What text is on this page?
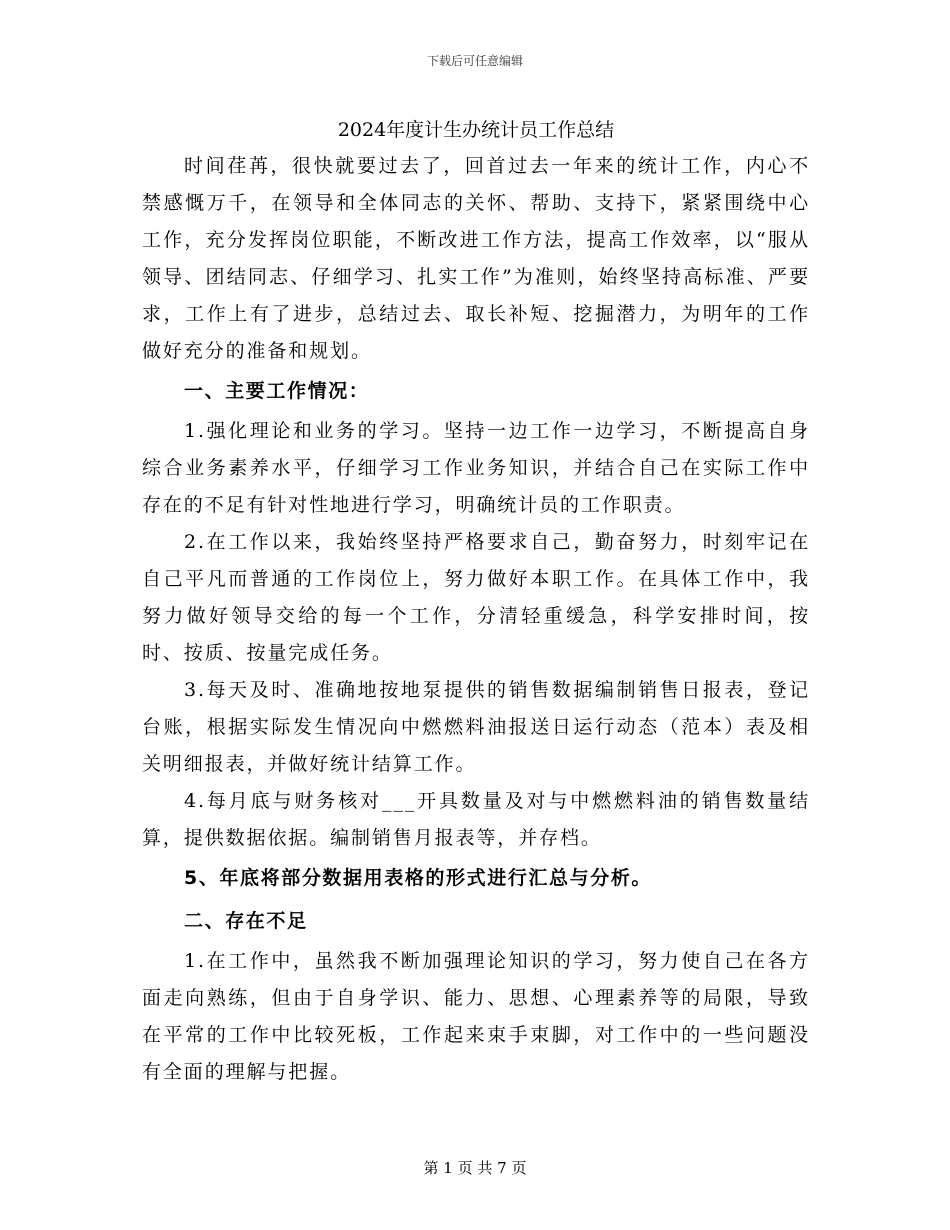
下载后可任意编辑

2024年度计生办统计员工作总结

时间荏苒，很快就要过去了，回首过去一年来的统计工作，内心不禁感慨万千，在领导和全体同志的关怀、帮助、支持下，紧紧围绕中心工作，充分发挥岗位职能，不断改进工作方法，提高工作效率，以“服从领导、团结同志、仔细学习、扎实工作”为准则，始终坚持高标准、严要求，工作上有了进步，总结过去、取长补短、挖掘潜力，为明年的工作做好充分的准备和规划。

一、主要工作情况：

1.强化理论和业务的学习。坚持一边工作一边学习，不断提高自身综合业务素养水平，仔细学习工作业务知识，并结合自己在实际工作中存在的不足有针对性地进行学习，明确统计员的工作职责。

2.在工作以来，我始终坚持严格要求自己，勤奋努力，时刻牢记在自己平凡而普通的工作岗位上，努力做好本职工作。在具体工作中，我努力做好领导交给的每一个工作，分清轻重缓急，科学安排时间，按时、按质、按量完成任务。

3.每天及时、准确地按地泵提供的销售数据编制销售日报表，登记台账，根据实际发生情况向中燃燃料油报送日运行动态（范本）表及相关明细报表，并做好统计结算工作。

4.每月底与财务核对___开具数量及对与中燃燃料油的销售数量结算，提供数据依据。编制销售月报表等，并存档。

5、年底将部分数据用表格的形式进行汇总与分析。

二、存在不足

1.在工作中，虽然我不断加强理论知识的学习，努力使自己在各方面走向熟练，但由于自身学识、能力、思想、心理素养等的局限，导致在平常的工作中比较死板，工作起来束手束脚，对工作中的一些问题没有全面的理解与把握。

第 1 页 共 7 页
